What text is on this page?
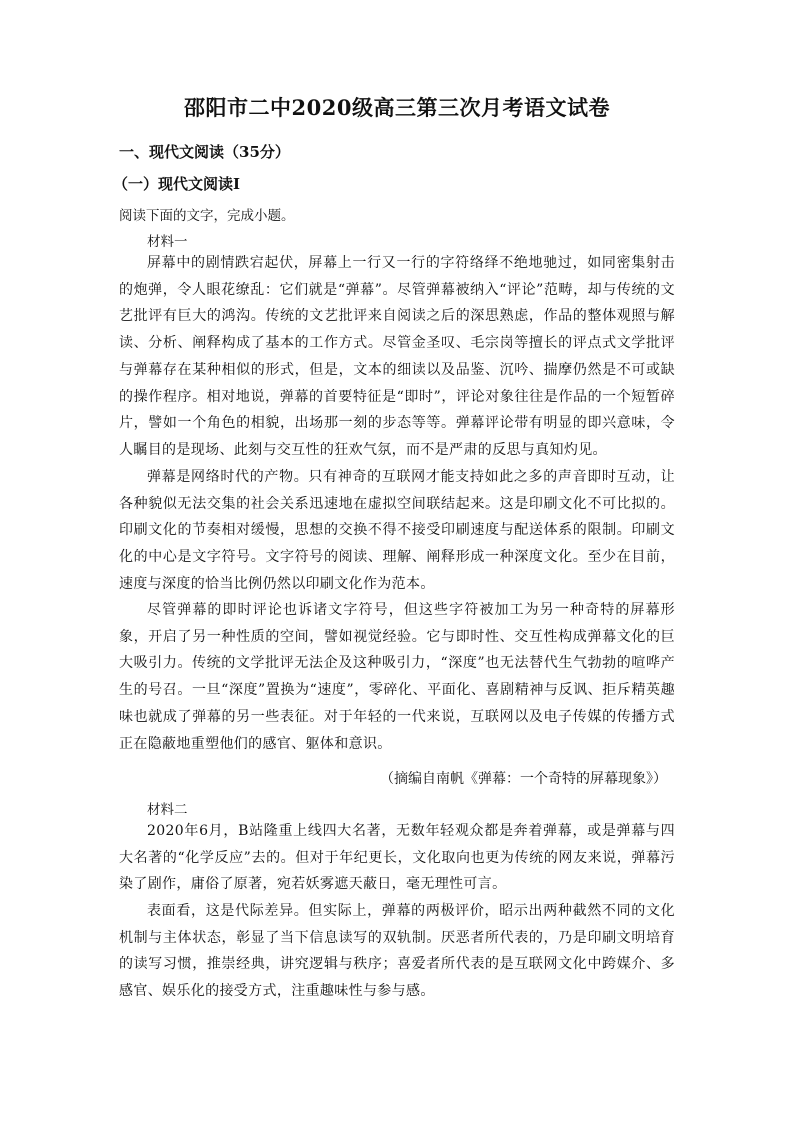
邵阳市二中2020级高三第三次月考语文试卷
一、现代文阅读（35分）
（一）现代文阅读Ⅰ
阅读下面的文字，完成小题。
材料一

屏幕中的剧情跌宕起伏，屏幕上一行又一行的字符络绎不绝地驰过，如同密集射击的炮弹，令人眼花缭乱：它们就是“弹幕”。尽管弹幕被纳入“评论”范畴，却与传统的文艺批评有巨大的鸿沟。传统的文艺批评来自阅读之后的深思熟虑，作品的整体观照与解读、分析、阐释构成了基本的工作方式。尽管金圣叹、毛宗岗等擅长的评点式文学批评与弹幕存在某种相似的形式，但是，文本的细读以及品鉴、沉吟、揣摩仍然是不可或缺的操作程序。相对地说，弹幕的首要特征是“即时”，评论对象往往是作品的一个短暂碎片，譬如一个角色的相貌，出场那一刻的步态等等。弹幕评论带有明显的即兴意味，令人瞩目的是现场、此刻与交互性的狂欢气氛，而不是严肃的反思与真知灼见。

弹幕是网络时代的产物。只有神奇的互联网才能支持如此之多的声音即时互动，让各种貌似无法交集的社会关系迅速地在虚拟空间联结起来。这是印刷文化不可比拟的。印刷文化的节奏相对缓慢，思想的交换不得不接受印刷速度与配送体系的限制。印刷文化的中心是文字符号。文字符号的阅读、理解、阐释形成一种深度文化。至少在目前，速度与深度的恰当比例仍然以印刷文化作为范本。

尽管弹幕的即时评论也诉诸文字符号，但这些字符被加工为另一种奇特的屏幕形象，开启了另一种性质的空间，譬如视觉经验。它与即时性、交互性构成弹幕文化的巨大吸引力。传统的文学批评无法企及这种吸引力，“深度”也无法替代生气勃勃的喧哗产生的号召。一旦“深度”置换为“速度”，零碎化、平面化、喜剧精神与反讽、拒斥精英趣味也就成了弹幕的另一些表征。对于年轻的一代来说，互联网以及电子传媒的传播方式正在隐蔽地重塑他们的感官、躯体和意识。

（摘编自南帆《弹幕：一个奇特的屏幕现象》）
材料二

2020年6月，B站隆重上线四大名著，无数年轻观众都是奔着弹幕，或是弹幕与四大名著的“化学反应”去的。但对于年纪更长，文化取向也更为传统的网友来说，弹幕污染了剧作，庸俗了原著，宛若妖雾遮天蔽日，毫无理性可言。

表面看，这是代际差异。但实际上，弹幕的两极评价，昭示出两种截然不同的文化机制与主体状态，彰显了当下信息读写的双轨制。厌恶者所代表的，乃是印刷文明培育的读写习惯，推崇经典，讲究逻辑与秩序；喜爱者所代表的是互联网文化中跨媒介、多感官、娱乐化的接受方式，注重趣味性与参与感。
